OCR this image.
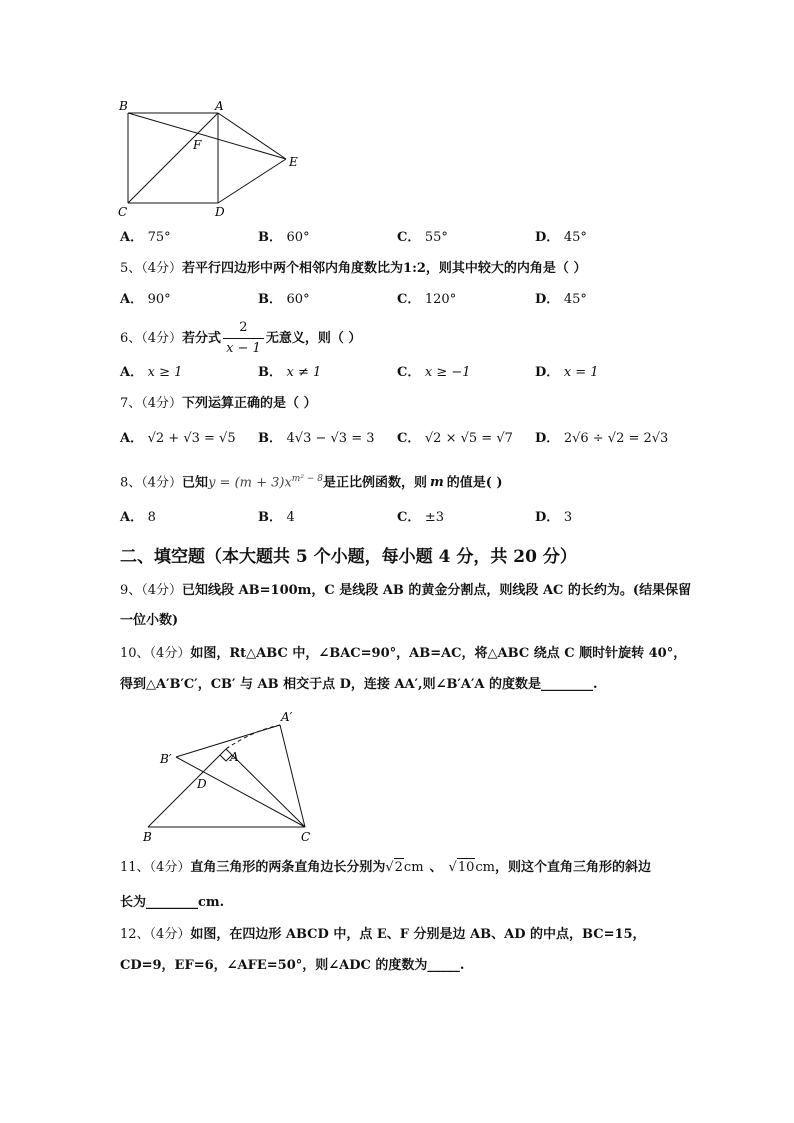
B	A
F
E
C	D
A． 75°	B． 60°	C． 55°	D． 45°
5、（4分）若平行四边形中两个相邻内角度数比为1:2，则其中较大的内角是（ ）
A． 90°	B． 60°	C． 120°	D． 45°
6、（4分）若分式 $\frac{2}{x - 1}$ 无意义，则（ ）
A． x ≥ 1	B． x ≠ 1	C． x ≥ −1	D． x = 1
7、（4分）下列运算正确的是（ ）
A． √2 + √3 = √5 B． 4√3 − √3 = 3 C． √2 × √5 = √7 D． 2√6 ÷ √2 = 2√3
8、（4分）已知$y = (m + 3)x^{m^2 - 8}$是正比例函数，则 m 的值是( )
A． 8	B． 4	C． ±3	D． 3
二、填空题（本大题共 5 个小题，每小题 4 分，共 20 分）
9、（4分）已知线段 AB=100m，C 是线段 AB 的黄金分割点，则线段 AC 的长约为。(结果保留
一位小数)
10、（4分）如图，Rt△ABC 中，∠BAC=90°，AB=AC，将△ABC 绕点 C 顺时针旋转 40°，
得到△A′B′C′，CB′ 与 AB 相交于点 D，连接 AA′,则∠B′A′A 的度数是________.
A′
B′	A
D
B	C
11、（4分）直角三角形的两条直角边长分别为√2cm 、 √10cm，则这个直角三角形的斜边
长为________cm.
12、（4分）如图，在四边形 ABCD 中，点 E、F 分别是边 AB、AD 的中点，BC=15，
CD=9，EF=6，∠AFE=50°，则∠ADC 的度数为_____.
